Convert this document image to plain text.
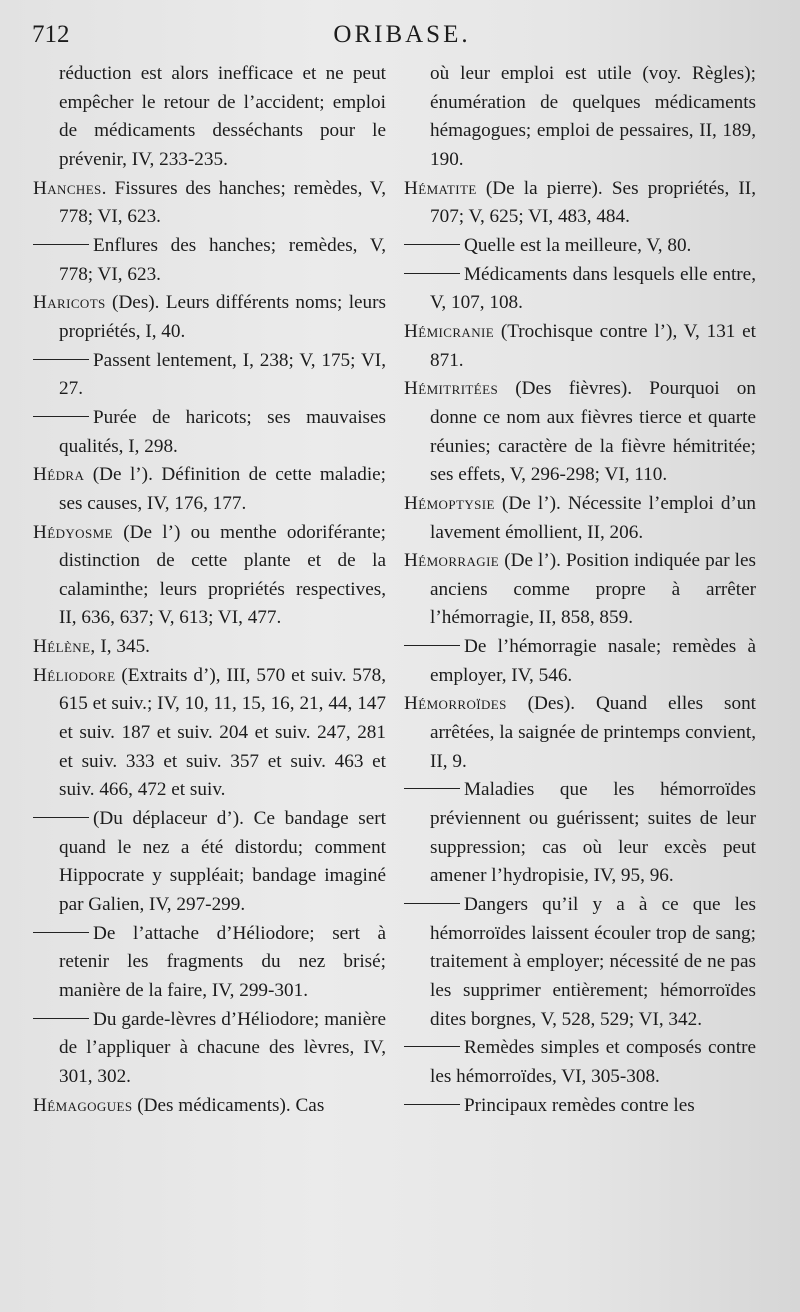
712	ORIBASE.

réduction est alors inefficace et ne peut empêcher le retour de l’accident; emploi de médicaments desséchants pour le prévenir, IV, 233-235.

Hanches. Fissures des hanches; remèdes, V, 778; VI, 623.

Enflures des hanches; remèdes, V, 778; VI, 623.

Haricots (Des). Leurs différents noms; leurs propriétés, I, 40.

Passent lentement, I, 238; V, 175; VI, 27.

Purée de haricots; ses mauvaises qualités, I, 298.

Hédra (De l’). Définition de cette maladie; ses causes, IV, 176, 177.

Hédyosme (De l’) ou menthe odoriférante; distinction de cette plante et de la calaminthe; leurs propriétés respectives, II, 636, 637; V, 613; VI, 477.

Hélène, I, 345.

Héliodore (Extraits d’), III, 570 et suiv. 578, 615 et suiv.; IV, 10, 11, 15, 16, 21, 44, 147 et suiv. 187 et suiv. 204 et suiv. 247, 281 et suiv. 333 et suiv. 357 et suiv. 463 et suiv. 466, 472 et suiv.

(Du déplaceur d’). Ce bandage sert quand le nez a été distordu; comment Hippocrate y suppléait; bandage imaginé par Galien, IV, 297-299.

De l’attache d’Héliodore; sert à retenir les fragments du nez brisé; manière de la faire, IV, 299-301.

Du garde-lèvres d’Héliodore; manière de l’appliquer à chacune des lèvres, IV, 301, 302.

Hémagogues (Des médicaments). Cas

où leur emploi est utile (voy. Règles); énumération de quelques médicaments hémagogues; emploi de pessaires, II, 189, 190.

Hématite (De la pierre). Ses propriétés, II, 707; V, 625; VI, 483, 484.

Quelle est la meilleure, V, 80.

Médicaments dans lesquels elle entre, V, 107, 108.

Hémicranie (Trochisque contre l’), V, 131 et 871.

Hémitritées (Des fièvres). Pourquoi on donne ce nom aux fièvres tierce et quarte réunies; caractère de la fièvre hémitritée; ses effets, V, 296-298; VI, 110.

Hémoptysie (De l’). Nécessite l’emploi d’un lavement émollient, II, 206.

Hémorragie (De l’). Position indiquée par les anciens comme propre à arrêter l’hémorragie, II, 858, 859.

De l’hémorragie nasale; remèdes à employer, IV, 546.

Hémorroïdes (Des). Quand elles sont arrêtées, la saignée de printemps convient, II, 9.

Maladies que les hémorroïdes préviennent ou guérissent; suites de leur suppression; cas où leur excès peut amener l’hydropisie, IV, 95, 96.

Dangers qu’il y a à ce que les hémorroïdes laissent écouler trop de sang; traitement à employer; nécessité de ne pas les supprimer entièrement; hémorroïdes dites borgnes, V, 528, 529; VI, 342.

Remèdes simples et composés contre les hémorroïdes, VI, 305-308.

Principaux remèdes contre les
